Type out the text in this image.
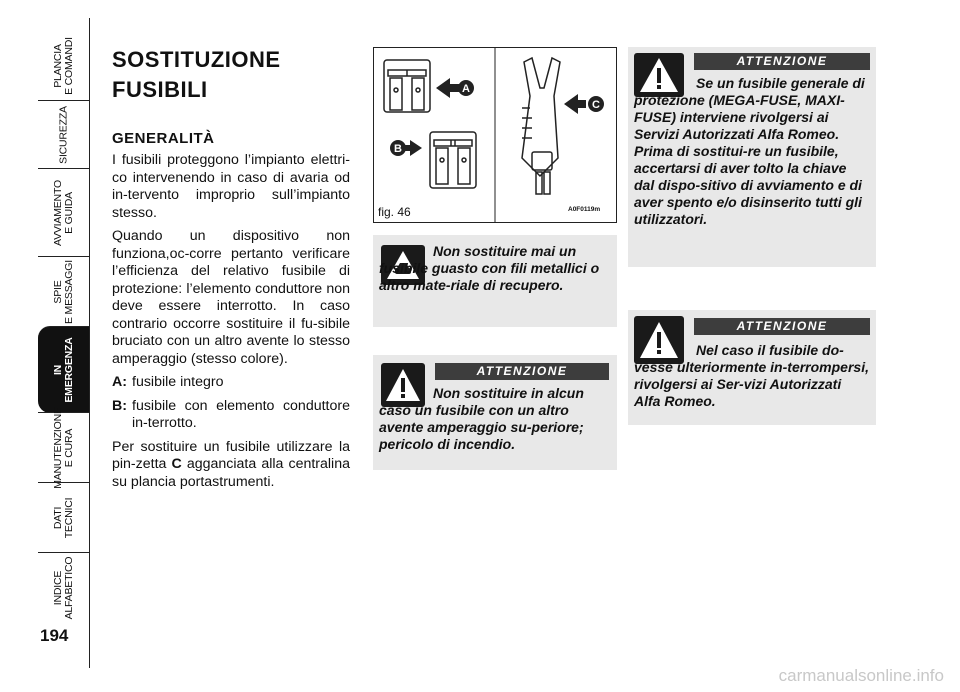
PLANCIA
E COMANDI
SICUREZZA
AVVIAMENTO
E GUIDA
SPIE
E MESSAGGI
IN
EMERGENZA
MANUTENZIONE
E CURA
DATI
TECNICI
INDICE
ALFABETICO
194
SOSTITUZIONE
FUSIBILI
GENERALITÀ

I fusibili proteggono l’impianto elettri-co intervenendo in caso di avaria od in-tervento improprio sull’impianto stesso.

Quando un dispositivo non funziona,oc-corre pertanto verificare l’efficienza del relativo fusibile di protezione: l’elemento conduttore non deve essere interrotto. In caso contrario occorre sostituire il fu-sibile bruciato con un altro avente lo stesso amperaggio (stesso colore).

A: fusibile integro
B: fusibile con elemento conduttore in-terrotto.

Per sostituire un fusibile utilizzare la pin-zetta C agganciata alla centralina su plancia portastrumenti.

A
B
C
fig. 46	A0F0119m
Non sostituire mai un fusibile guasto con fili metallici o altro mate-riale di recupero.
ATTENZIONE
Non sostituire in alcun caso un fusibile con un altro avente amperaggio su-periore; pericolo di incendio.
ATTENZIONE
Se un fusibile generale di protezione (MEGA-FUSE, MAXI-FUSE) interviene rivolgersi ai Servizi Autorizzati Alfa Romeo. Prima di sostitui-re un fusibile, accertarsi di aver tolto la chiave dal dispo-sitivo di avviamento e di aver spento e/o disinserito tutti gli utilizzatori.
ATTENZIONE
Nel caso il fusibile do-vesse ulteriormente in-terrompersi, rivolgersi ai Ser-vizi Autorizzati Alfa Romeo.
carmanualsonline.info
